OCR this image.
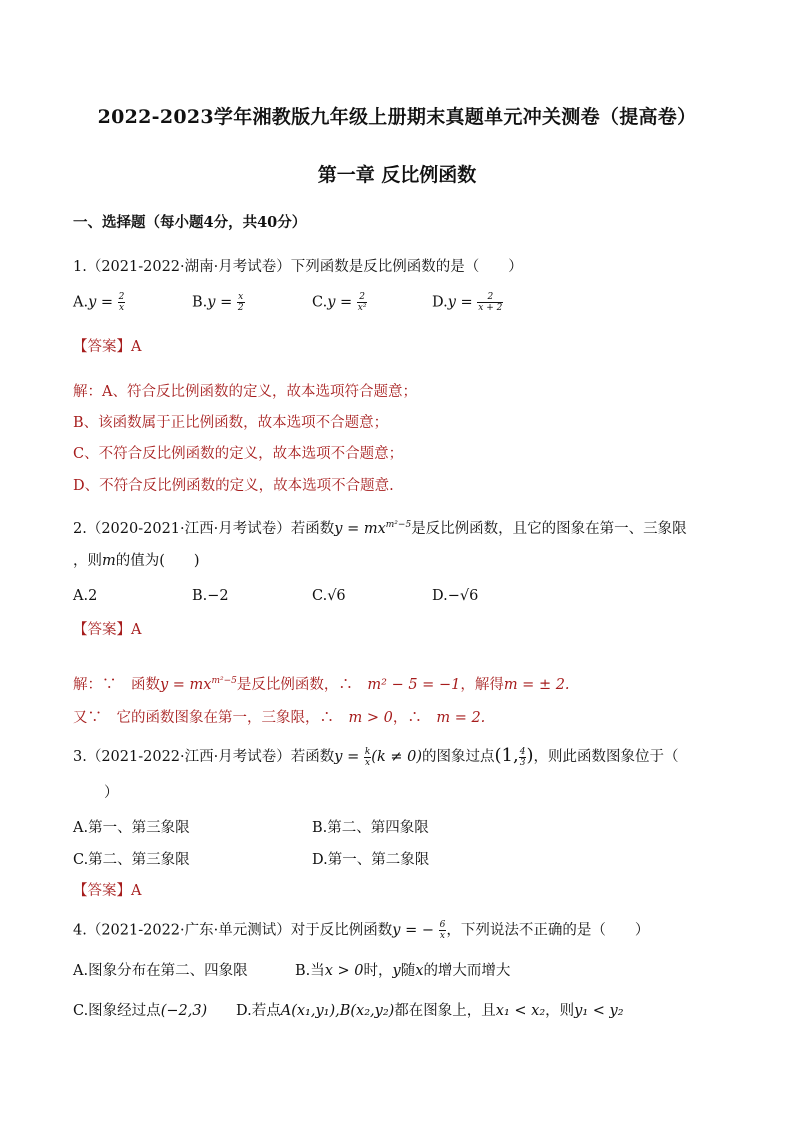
2022-2023学年湘教版九年级上册期末真题单元冲关测卷（提高卷）
第一章 反比例函数
一、选择题（每小题4分，共40分）
1.（2021-2022·湖南·月考试卷）下列函数是反比例函数的是（　　）
$A.y = \frac{2}{x}$	$B.y = \frac{x}{2}$	$C.y = \frac{2}{\text{x²}}$	$D.y = \frac{2}{x + 2}$
【答案】A
解：A、符合反比例函数的定义，故本选项符合题意；
B、该函数属于正比例函数，故本选项不合题意；
C、不符合反比例函数的定义，故本选项不合题意；
D、不符合反比例函数的定义，故本选项不合题意.
2.（2020-2021·江西·月考试卷）若函数$y = mx^{m^2-5}$是反比例函数，且它的图象在第一、三象限
，则m的值为(　　)
A.2	B.−2	C.√6	D.−√6
【答案】A
解：∵　函数$y = mx^{m^2-5}$是反比例函数，∴　m² − 5 = −1，解得m = ± 2.
又∵　它的函数图象在第一，三象限，∴　m > 0，∴　m = 2.
3.（2021-2022·江西·月考试卷）若函数$y = \frac{k}{x} (k \ne 0)$的图象过点(1, $\frac{4}{3}$ )，则此函数图象位于（
）
A.第一、第三象限	B.第二、第四象限
C.第二、第三象限	D.第一、第二象限
【答案】A
4.（2021-2022·广东·单元测试）对于反比例函数y = − $\frac{6}{x}$ ，下列说法不正确的是（　　）
A.图象分布在第二、四象限	B.当x > 0时，y随x的增大而增大
C.图象经过点(−2,3) D.若点A(x₁,y₁),B(x₂,y₂)都在图象上，且x₁ < x₂，则y₁ < y₂
